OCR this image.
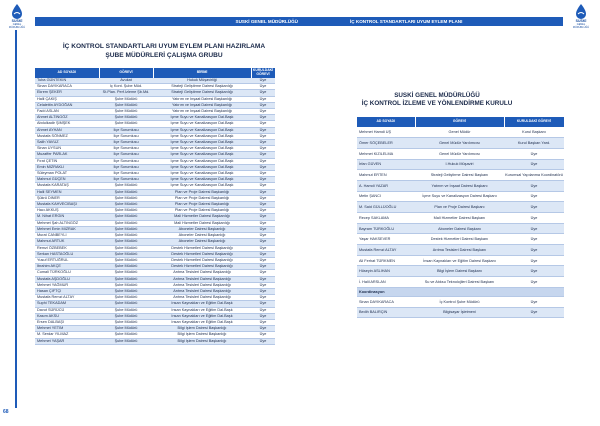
SUSKİ
GENEL MÜDÜRLÜĞÜ
SUSKİ
GENEL MÜDÜRLÜĞÜ
SUSKİ GENEL MÜDÜRLÜĞÜ	İÇ KONTROL STANDARTLARI UYUM EYLEM PLANI
İÇ KONTROL STANDARTLARI UYUM EYLEM PLANI HAZIRLAMA
ŞUBE MÜDÜRLERİ ÇALIŞMA GRUBU
AD SOYADI	GÖREVİ	BİRİMİ	KURULDAKİ GÖREVİ
Tuba GÜNTEKİN	Avukat	Hukuk Müşavirliği	Üye
Sinan DAYIKARACA	İç Kont. Şube Müd.	Strateji Geliştirme Dairesi Başkanlığı	Üye
Ekrem ŞEKER	St.Plan. Perf.İzleme Şb.Md.	Strateji Geliştirme Dairesi Başkanlığı	Üye
Halil ÇAKIŞ	Şube Müdürü	Yatırım ve İnşaat Dairesi Başkanlığı	Üye
Celalettin AYDOĞAN	Şube Müdürü	Yatırım ve İnşaat Dairesi Başkanlığı	Üye
Fadıl ASLAN	Şube Müdürü	Yatırım ve İnşaat Dairesi Başkanlığı	Üye
Ahmet ALTINGÖZ	Şube Müdürü	İçme Suyu ve Kanalizasyon Dai.Başk	Üye
Abdulkadir ŞİMŞEK	Şube Müdürü	İçme Suyu ve Kanalizasyon Dai.Başk	Üye
Ahmet AYHAN	İlçe Sorumlusu	İçme Suyu ve Kanalizasyon Dai.Başk	Üye
Mustafa SÖNMEZ	İlçe Sorumlusu	İçme Suyu ve Kanalizasyon Dai.Başk	Üye
Salih YAVUZ	İlçe Sorumlusu	İçme Suyu ve Kanalizasyon Dai.Başk	Üye
Sinan UYSUN	İlçe Sorumlusu	İçme Suyu ve Kanalizasyon Dai.Başk	Üye
Muzaffer PARLAK	İlçe Sorumlusu	İçme Suyu ve Kanalizasyon Dai.Başk	Üye
Fırat ÇETİN	İlçe Sorumlusu	İçme Suyu ve Kanalizasyon Dai.Başk	Üye
Emin MIZRAKLI	İlçe Sorumlusu	İçme Suyu ve Kanalizasyon Dai.Başk	Üye
Süleyman POLAT	İlçe Sorumlusu	İçme Suyu ve Kanalizasyon Dai.Başk	Üye
Mahmut GÜÇEN	İlçe Sorumlusu	İçme Suyu ve Kanalizasyon Dai.Başk	Üye
Mustafa KARATAŞ	Şube Müdürü	İçme Suyu ve Kanalizasyon Dai.Başk	Üye
Halil SEYMEN	Şube Müdürü	Plan ve Proje Dairesi Başkanlığı	Üye
Şükrü DİNER	Şube Müdürü	Plan ve Proje Dairesi Başkanlığı	Üye
Mustafa KAHVECİBAŞI	Şube Müdürü	Plan ve Proje Dairesi Başkanlığı	Üye
Hacı AKKUŞ	Şube Müdürü	Plan ve Proje Dairesi Başkanlığı	Üye
M. Nihat ERGİN	Şube Müdürü	Mali Hizmetler Dairesi Başkanlığı	Üye
Mehmet Şah ALTINGÖZ	Şube Müdürü	Mali Hizmetler Dairesi Başkanlığı	Üye
Mehmet Emin MIZRAK	Şube Müdürü	Aboneler Dairesi Başkanlığı	Üye
Murat CANBEYLİ	Şube Müdürü	Aboneler Dairesi Başkanlığı	Üye
Mahmut ARTUK	Şube Müdürü	Aboneler Dairesi Başkanlığı	Üye
Remzi ÖZBEBEK	Şube Müdürü	Destek Hizmetleri Dairesi Başkanlığı	Üye
Serkan HASTAOĞLU	Şube Müdürü	Destek Hizmetleri Dairesi Başkanlığı	Üye
Yusuf ERTUĞRUL	Şube Müdürü	Destek Hizmetleri Dairesi Başkanlığı	Üye
İbrahim AKÇE	Şube Müdürü	Destek Hizmetleri Dairesi Başkanlığı	Üye
Cumali TÜRKOĞLU	Şube Müdürü	Arıtma Tesisleri Dairesi Başkanlığı	Üye
Mustafa AŞDOĞLU	Şube Müdürü	Arıtma Tesisleri Dairesi Başkanlığı	Üye
Mehmet YAĞMUR	Şube Müdürü	Arıtma Tesisleri Dairesi Başkanlığı	Üye
Hasan ÇİFTÇİ	Şube Müdürü	Arıtma Tesisleri Dairesi Başkanlığı	Üye
Mustafa Remzi ALTAY	Şube Müdürü	Arıtma Tesisleri Dairesi Başkanlığı	Üye
Suphi TEKADAM	Şube Müdürü	İnsan Kaynakları ve Eğitim Dai.Başk	Üye
Davut SÜRÜCÜ	Şube Müdürü	İnsan Kaynakları ve Eğitim Dai.Başk	Üye
Kasım AKSU	Şube Müdürü	İnsan Kaynakları ve Eğitim Dai.Başk	Üye
Ersen DALBAŞI	Şube Müdürü	İnsan Kaynakları ve Eğitim Dai.Başk	Üye
Mehmet YETİM	Şube Müdürü	Bilgi İşlem Dairesi Başkanlığı	Üye
M. Serdar YILMAZ	Şube Müdürü	Bilgi İşlem Dairesi Başkanlığı	Üye
Mehmet YAŞAR	Şube Müdürü	Bilgi İşlem Dairesi Başkanlığı	Üye
SUSKİ GENEL MÜDÜRLÜĞÜ
İÇ KONTROL İZLEME VE YÖNLENDİRME KURULU
AD SOYADI	GÖREVİ	KURULDAKİ GÖREVİ
Mehmet Hamdi UŞ	Genel Müdür	Kurul Başkanı
Ömer SÖÇEBELER	Genel Müdür Yardımcısı	Kurul Başkan Yard.
Mehmet KIZILELMA	Genel Müdür Yardımcısı	Üye
İrfan GÜVEN	I.Hukuk Müşaviri	Üye
Mahmut ERTEN	Strateji Geliştirme Dairesi Başkanı	Kurumsal Yapılanma Koordinatörü
A. Hamdi YAZAR	Yatırım ve İnşaat Dairesi Başkanı	Üye
Metin ŞANCI	İçme Suyu ve Kanalizasyon Dairesi Başkanı	Üye
M. Said GÜLLÜOĞLU	Plan ve Proje Dairesi Başkanı	Üye
Recep SAKLAMA	Mali Hizmetler Dairesi Başkanı	Üye
Bayram TÜRKOĞLU	Aboneler Dairesi Başkanı	Üye
Yaşar HAKSEVER	Destek Hizmetleri Dairesi Başkanı	Üye
Mustafa Remzi ALTAY	Arıtma Tesisleri Dairesi Başkanı	Üye
Ali Ferhat TÜRKMEN	İnsan Kaynakları ve Eğitim Dairesi Başkanı	Üye
Hüseyin ASLIHAN	Bilgi İşlem Dairesi Başkanı	Üye
İ. Halil ARSLAN	Su ve Atıksu Teknolojileri Dairesi Başkanı	Üye
Koordinasyon		
Sinan DAYIKARACA	İç Kontrol Şube Müdürü	Üye
Bedih BALIRÇIN	Bilgisayar İşletmeni	Üye
68
